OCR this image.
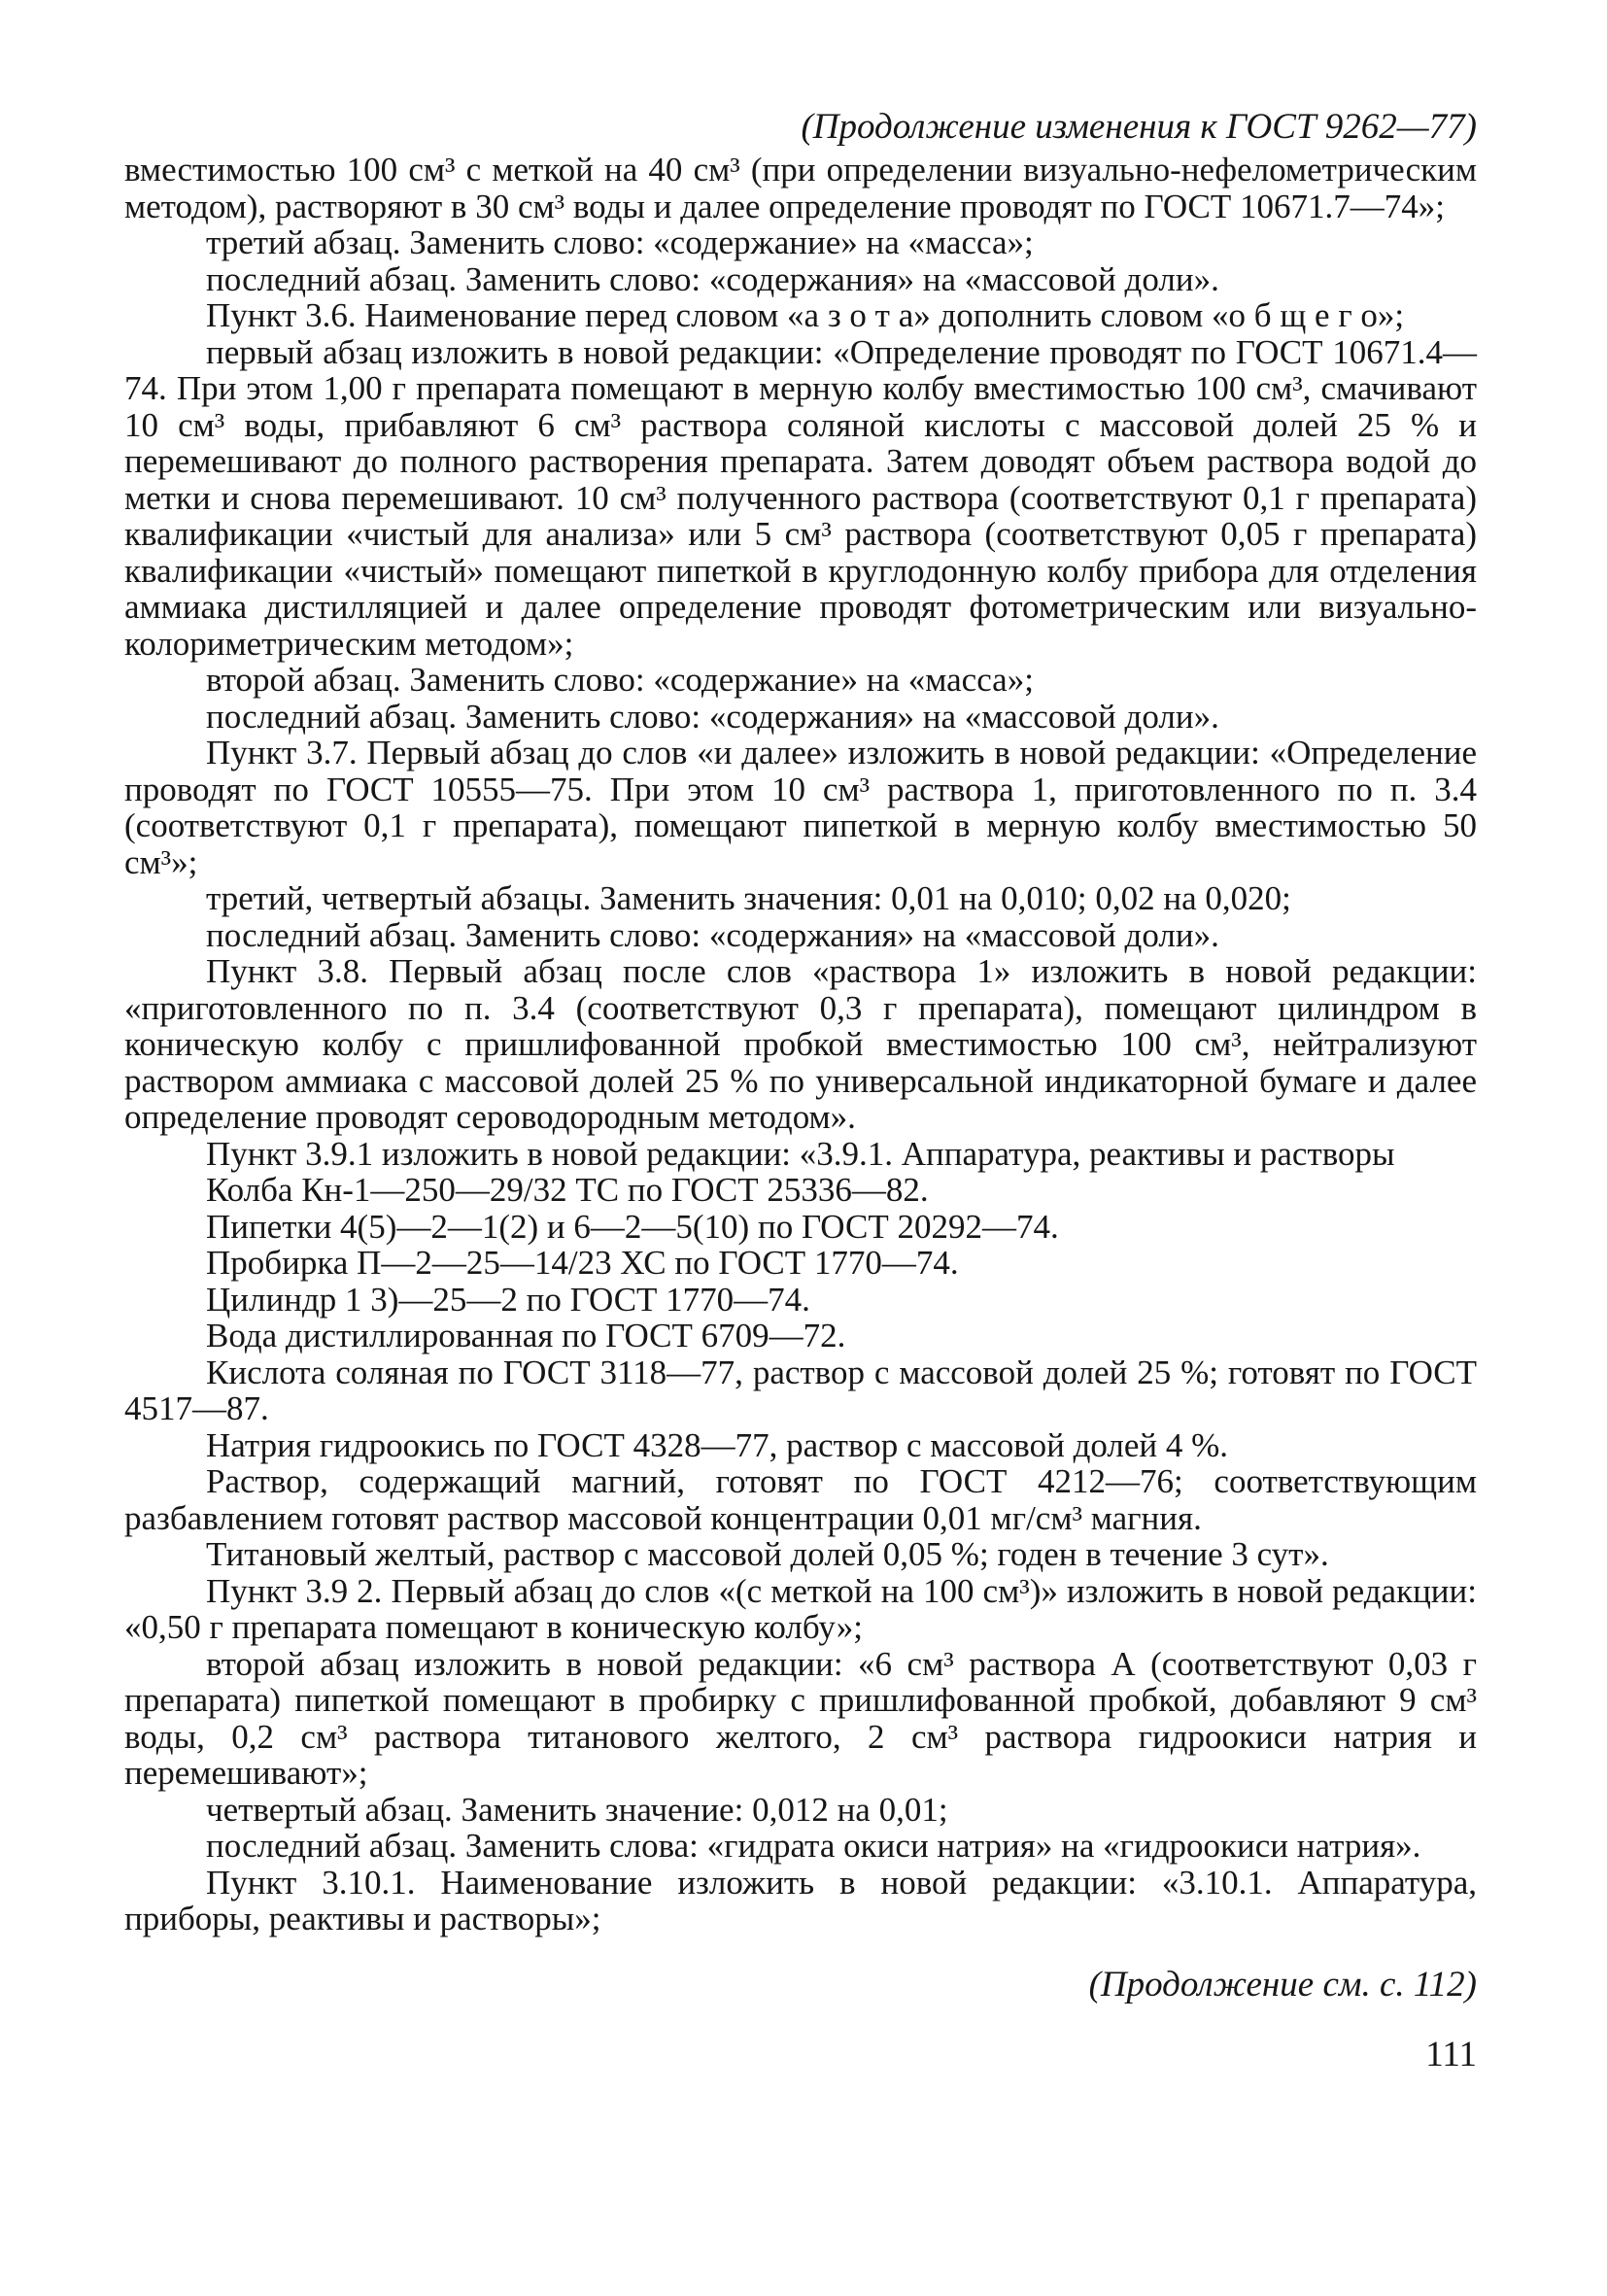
(Продолжение изменения к ГОСТ 9262—77)

вместимостью 100 см³ с меткой на 40 см³ (при определении визуально-нефелометрическим методом), растворяют в 30 см³ воды и далее определение проводят по ГОСТ 10671.7—74»;

третий абзац. Заменить слово: «содержание» на «масса»;

последний абзац. Заменить слово: «содержания» на «массовой доли».

Пункт 3.6. Наименование перед словом «а з о т а» дополнить словом «о б щ е г о»;

первый абзац изложить в новой редакции: «Определение проводят по ГОСТ 10671.4—74. При этом 1,00 г препарата помещают в мерную колбу вместимостью 100 см³, смачивают 10 см³ воды, прибавляют 6 см³ раствора соляной кислоты с массовой долей 25 % и перемешивают до полного растворения препарата. Затем доводят объем раствора водой до метки и снова перемешивают. 10 см³ полученного раствора (соответствуют 0,1 г препарата) квалификации «чистый для анализа» или 5 см³ раствора (соответствуют 0,05 г препарата) квалификации «чистый» помещают пипеткой в круглодонную колбу прибора для отделения аммиака дистилляцией и далее определение проводят фотометрическим или визуально-колориметрическим методом»;

второй абзац. Заменить слово: «содержание» на «масса»;

последний абзац. Заменить слово: «содержания» на «массовой доли».

Пункт 3.7. Первый абзац до слов «и далее» изложить в новой редакции: «Определение проводят по ГОСТ 10555—75. При этом 10 см³ раствора 1, приготовленного по п. 3.4 (соответствуют 0,1 г препарата), помещают пипеткой в мерную колбу вместимостью 50 см³»;

третий, четвертый абзацы. Заменить значения: 0,01 на 0,010; 0,02 на 0,020;

последний абзац. Заменить слово: «содержания» на «массовой доли».

Пункт 3.8. Первый абзац после слов «раствора 1» изложить в новой редакции: «приготовленного по п. 3.4 (соответствуют 0,3 г препарата), помещают цилиндром в коническую колбу с пришлифованной пробкой вместимостью 100 см³, нейтрализуют раствором аммиака с массовой долей 25 % по универсальной индикаторной бумаге и далее определение проводят сероводородным методом».

Пункт 3.9.1 изложить в новой редакции: «3.9.1. Аппаратура, реактивы и растворы

Колба Кн-1—250—29/32 ТС по ГОСТ 25336—82.

Пипетки 4(5)—2—1(2) и 6—2—5(10) по ГОСТ 20292—74.

Пробирка П—2—25—14/23 ХС по ГОСТ 1770—74.

Цилиндр 1 3)—25—2 по ГОСТ 1770—74.

Вода дистиллированная по ГОСТ 6709—72.

Кислота соляная по ГОСТ 3118—77, раствор с массовой долей 25 %; готовят по ГОСТ 4517—87.

Натрия гидроокись по ГОСТ 4328—77, раствор с массовой долей 4 %.

Раствор, содержащий магний, готовят по ГОСТ 4212—76; соответствующим разбавлением готовят раствор массовой концентрации 0,01 мг/см³ магния.

Титановый желтый, раствор с массовой долей 0,05 %; годен в течение 3 сут».

Пункт 3.9 2. Первый абзац до слов «(с меткой на 100 см³)» изложить в новой редакции: «0,50 г препарата помещают в коническую колбу»;

второй абзац изложить в новой редакции: «6 см³ раствора А (соответствуют 0,03 г препарата) пипеткой помещают в пробирку с пришлифованной пробкой, добавляют 9 см³ воды, 0,2 см³ раствора титанового желтого, 2 см³ раствора гидроокиси натрия и перемешивают»;

четвертый абзац. Заменить значение: 0,012 на 0,01;

последний абзац. Заменить слова: «гидрата окиси натрия» на «гидроокиси натрия».

Пункт 3.10.1. Наименование изложить в новой редакции: «3.10.1. Аппаратура, приборы, реактивы и растворы»;

(Продолжение см. с. 112)
111
